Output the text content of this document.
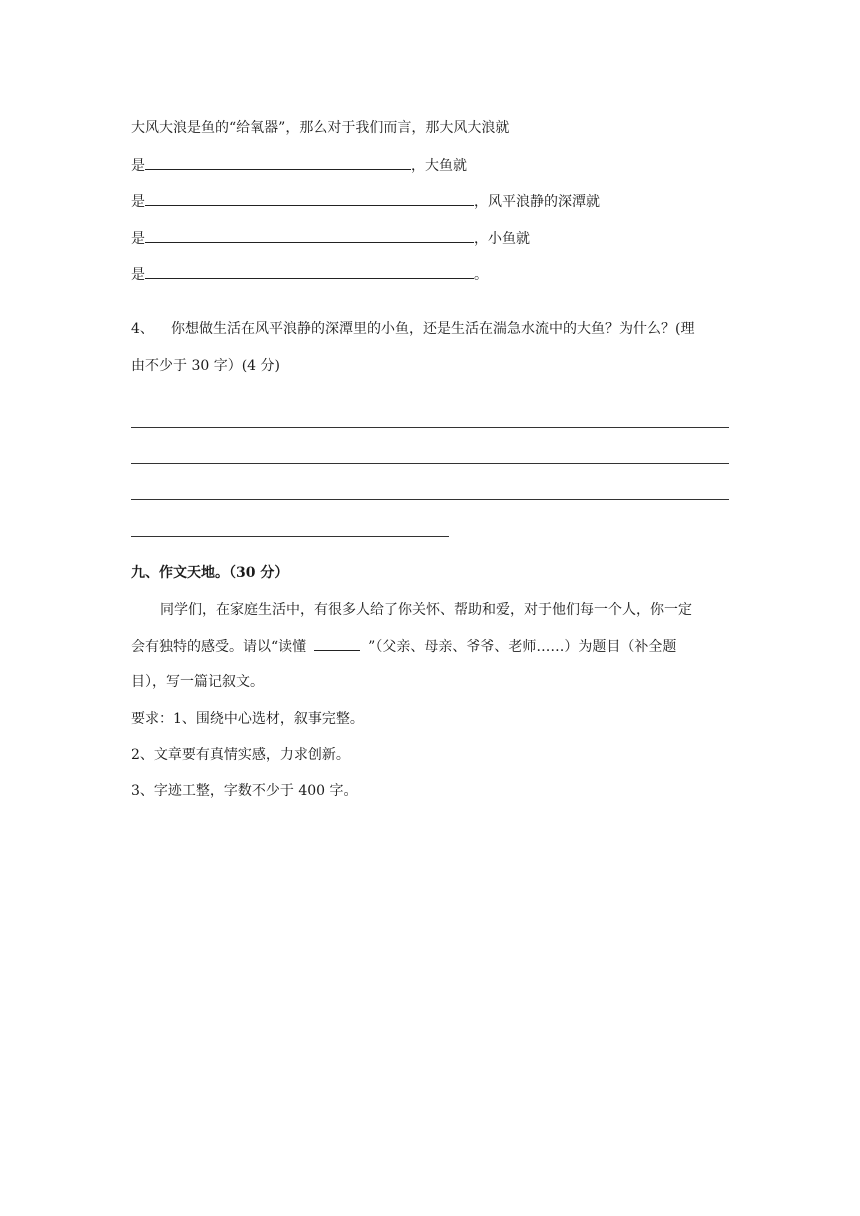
大风大浪是鱼的“给氧器”，那么对于我们而言，那大风大浪就
是	，大鱼就
是	，风平浪静的深潭就
是	，小鱼就
是	。
4、 你想做生活在风平浪静的深潭里的小鱼，还是生活在湍急水流中的大鱼？为什么？(理
由不少于 30 字）(4 分)
九、作文天地。（30 分）
同学们，在家庭生活中，有很多人给了你关怀、帮助和爱，对于他们每一个人，你一定
会有独特的感受。请以“读懂	”（父亲、母亲、爷爷、老师……）为题目（补全题
目），写一篇记叙文。
要求：1、围绕中心选材，叙事完整。
2、文章要有真情实感，力求创新。
3、字迹工整，字数不少于 400 字。
